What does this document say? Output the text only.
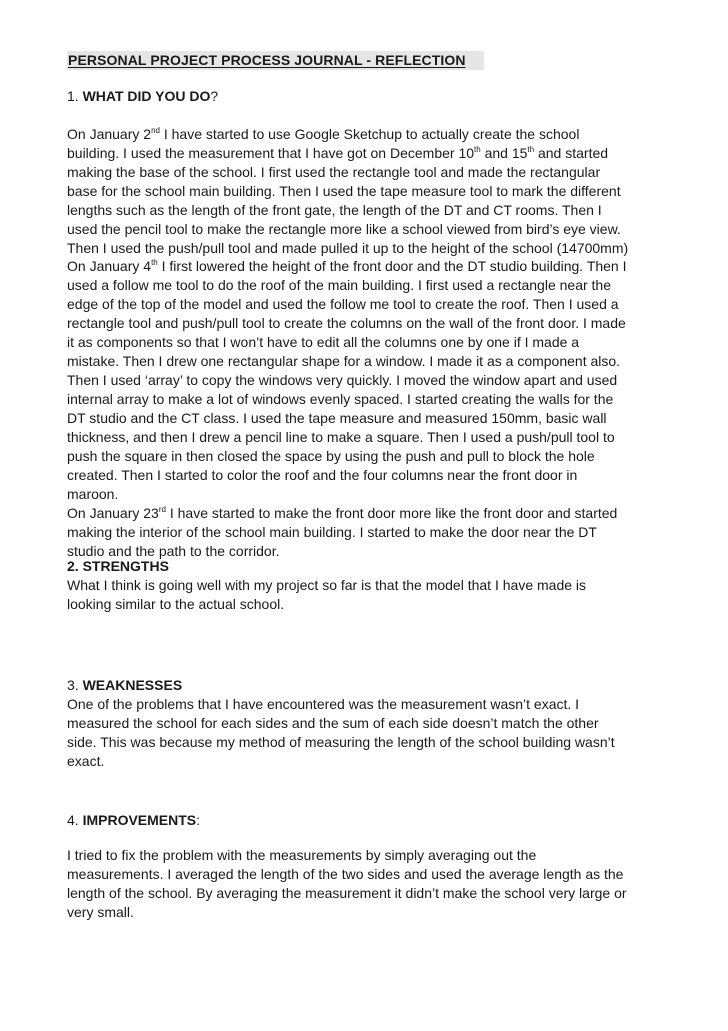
PERSONAL PROJECT PROCESS JOURNAL - REFLECTION
1. WHAT DID YOU DO?
On January 2nd I have started to use Google Sketchup to actually create the school
building. I used the measurement that I have got on December 10th and 15th and started
making the base of the school. I first used the rectangle tool and made the rectangular
base for the school main building. Then I used the tape measure tool to mark the different
lengths such as the length of the front gate, the length of the DT and CT rooms. Then I
used the pencil tool to make the rectangle more like a school viewed from bird’s eye view.
Then I used the push/pull tool and made pulled it up to the height of the school (14700mm)
On January 4th I first lowered the height of the front door and the DT studio building. Then I
used a follow me tool to do the roof of the main building. I first used a rectangle near the
edge of the top of the model and used the follow me tool to create the roof. Then I used a
rectangle tool and push/pull tool to create the columns on the wall of the front door. I made
it as components so that I won’t have to edit all the columns one by one if I made a
mistake. Then I drew one rectangular shape for a window. I made it as a component also.
Then I used ‘array’ to copy the windows very quickly. I moved the window apart and used
internal array to make a lot of windows evenly spaced. I started creating the walls for the
DT studio and the CT class. I used the tape measure and measured 150mm, basic wall
thickness, and then I drew a pencil line to make a square. Then I used a push/pull tool to
push the square in then closed the space by using the push and pull to block the hole
created. Then I started to color the roof and the four columns near the front door in
maroon.
On January 23rd I have started to make the front door more like the front door and started
making the interior of the school main building. I started to make the door near the DT
studio and the path to the corridor.
2. STRENGTHS
What I think is going well with my project so far is that the model that I have made is
looking similar to the actual school.
3. WEAKNESSES
One of the problems that I have encountered was the measurement wasn’t exact. I
measured the school for each sides and the sum of each side doesn’t match the other
side. This was because my method of measuring the length of the school building wasn’t
exact.
4. IMPROVEMENTS:
I tried to fix the problem with the measurements by simply averaging out the
measurements. I averaged the length of the two sides and used the average length as the
length of the school. By averaging the measurement it didn’t make the school very large or
very small.
